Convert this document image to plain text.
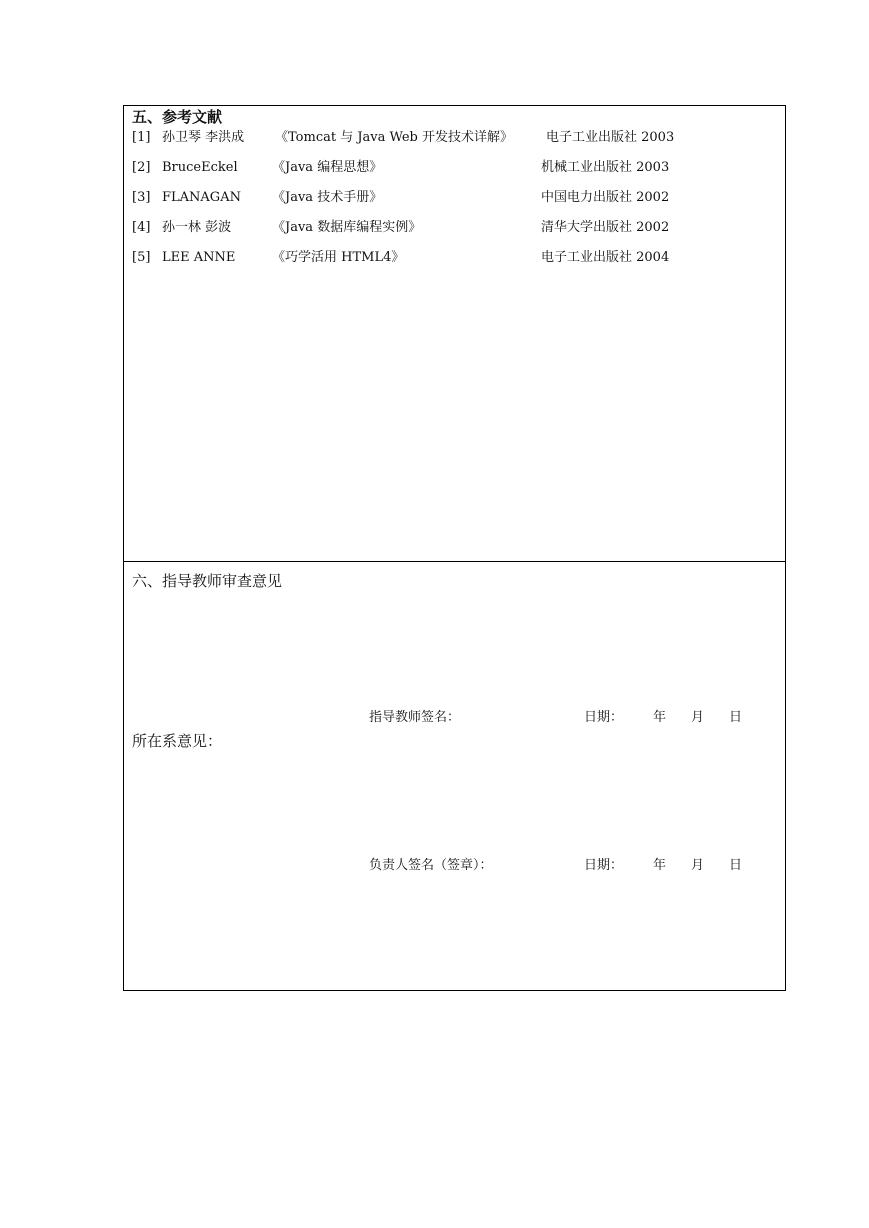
五、参考文献
[1] 孙卫琴 李洪成 《Tomcat 与 Java Web 开发技术详解》	电子工业出版社 2003
[2] BruceEckel	《Java 编程思想》	机械工业出版社 2003
[3] FLANAGAN 《Java 技术手册》	中国电力出版社 2002
[4] 孙一林 彭波	《Java 数据库编程实例》	清华大学出版社 2002
[5] LEE ANNE	《巧学活用 HTML4》	电子工业出版社 2004
六、指导教师审查意见
指导教师签名：	日期： 年 月 日
所在系意见：
负责人签名（签章）：	日期： 年 月 日
